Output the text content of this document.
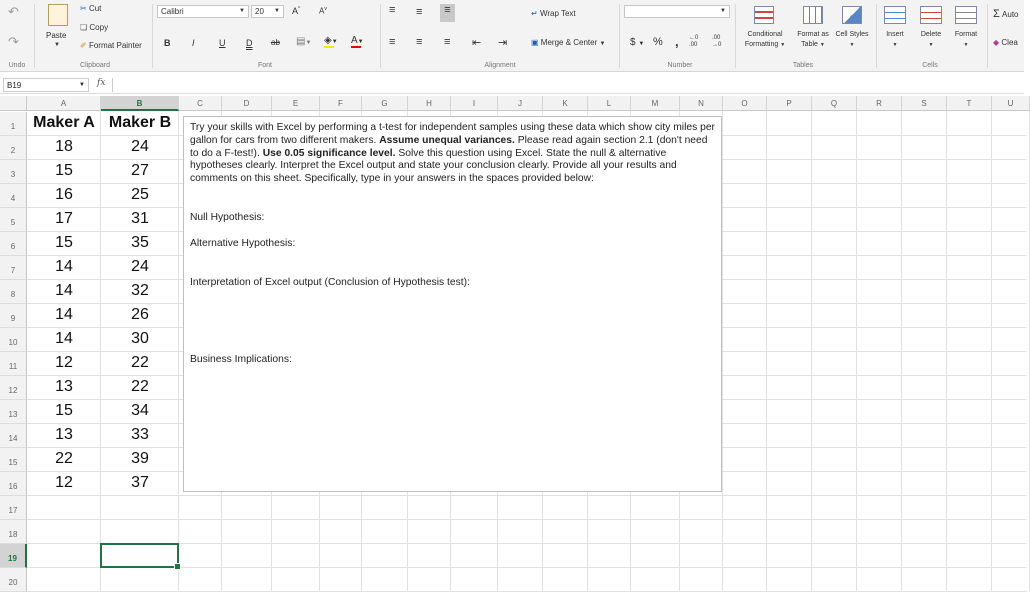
↶
↷
Undo
Paste
▼
✂ Cut
❏ Copy
✐ Format Painter
Clipboard
Calibri	▼	20 ▼ A^ $A^v$
B I	U D ab ▤▼ ◈▼ A▼
Font
≡ ≡	≡
≡ ≡ ≡ ⇤ ⇥
↵ Wrap Text
▣ Merge & Center ▼
Alignment
▼
$ ▼ % , ←0
.00
.00
→0
Number
Conditional Formatting ▼
Format as Table ▼
Cell Styles ▼
Tables
Insert
▼
Delete
▼
Format
▼
Cells
Σ Auto
◆ Clea
B19	▼ fx
A	B	C	D	E	F	G	H	I	J	K	L	M	N	O	P	Q	R	S	T	U
1
2
3
4
5
6
7
8
9
10
11
12
13
14
15
16
17
18
19
20
Maker A Maker B
18
15
16
17
15
14
14
14
14
12
13
15
13
22
12
24
27
25
31
35
24
32
26
30
22
22
34
33
39
37

Try your skills with Excel by performing a t-test for independent samples using these data which show city miles per gallon for cars from two different makers. Assume unequal variances. Please read again section 2.1 (don't need to do a F-test!). Use 0.05 significance level. Solve this question using Excel. State the null & alternative hypotheses clearly. Interpret the Excel output and state your conclusion clearly. Provide all your results and comments on this sheet. Specifically, type in your answers in the spaces provided below:

Null Hypothesis:
Alternative Hypothesis:
Interpretation of Excel output (Conclusion of Hypothesis test):
Business Implications:
